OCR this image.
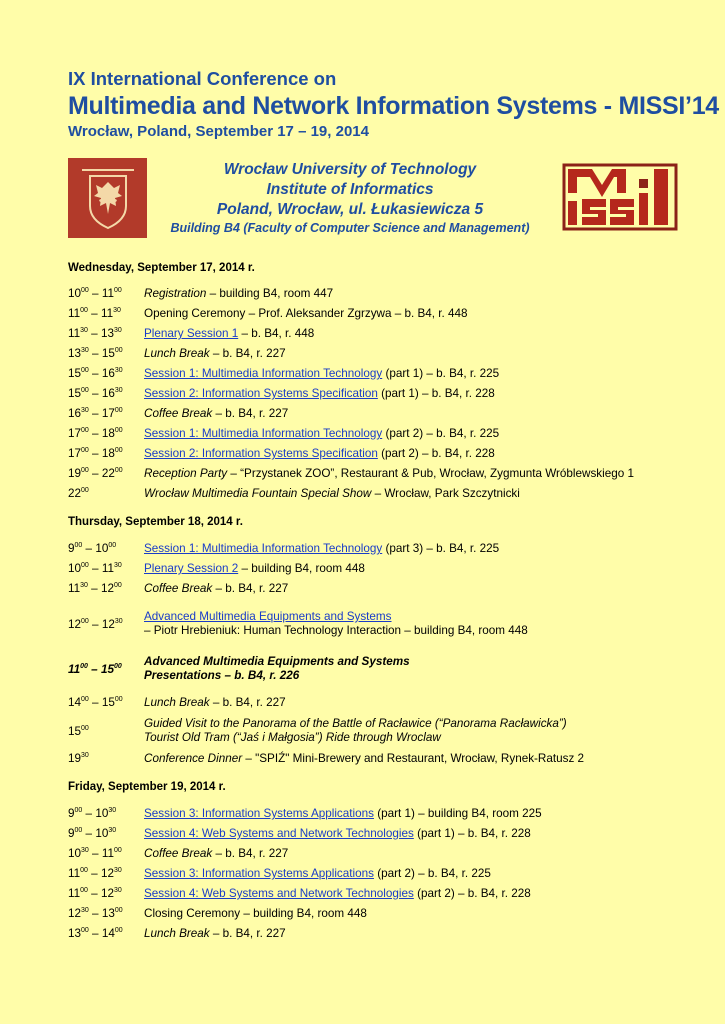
IX International Conference on
Multimedia and Network Information Systems - MISSI’14
Wrocław, Poland, September 17 – 19, 2014
Wrocław University of Technology
Institute of Informatics
Poland, Wrocław, ul. Łukasiewicza 5
Building B4 (Faculty of Computer Science and Management)
Wednesday, September 17, 2014 r.
$10^{00} - 11^{00}$ Registration – building B4, room 447
$11^{00} - 11^{30}$ Opening Ceremony – Prof. Aleksander Zgrzywa – b. B4, r. 448
$11^{30} - 13^{30}$ Plenary Session 1 – b. B4, r. 448
$13^{30} - 15^{00}$ Lunch Break – b. B4, r. 227
$15^{00} - 16^{30}$ Session 1: Multimedia Information Technology (part 1) – b. B4, r. 225
$15^{00} - 16^{30}$ Session 2: Information Systems Specification (part 1) – b. B4, r. 228
$16^{30} - 17^{00}$ Coffee Break – b. B4, r. 227
$17^{00} - 18^{00}$ Session 1: Multimedia Information Technology (part 2) – b. B4, r. 225
$17^{00} - 18^{00}$ Session 2: Information Systems Specification (part 2) – b. B4, r. 228
$19^{00} - 22^{00}$ Reception Party – “Przystanek ZOO”, Restaurant & Pub, Wrocław, Zygmunta Wróblewskiego 1
$22^{00}$	Wrocław Multimedia Fountain Special Show – Wrocław, Park Szczytnicki
Thursday, September 18, 2014 r.
$9^{00} - 10^{00}$ Session 1: Multimedia Information Technology (part 3) – b. B4, r. 225
$10^{00} - 11^{30}$ Plenary Session 2 – building B4, room 448
$11^{30} - 12^{00}$ Coffee Break – b. B4, r. 227
$12^{00} - 12^{30}$ Advanced Multimedia Equipments and Systems
– Piotr Hrebieniuk: Human Technology Interaction – building B4, room 448
$11^{00} - 15^{00}$ Advanced Multimedia Equipments and Systems
Presentations – b. B4, r. 226
$14^{00} - 15^{00}$ Lunch Break – b. B4, r. 227
$15^{00}$	Guided Visit to the Panorama of the Battle of Racławice (“Panorama Racławicka”)
Tourist Old Tram (“Jaś i Małgosia”) Ride through Wroclaw
$19^{30}$	Conference Dinner – "SPIŹ" Mini-Brewery and Restaurant, Wrocław, Rynek-Ratusz 2
Friday, September 19, 2014 r.
$9^{00} - 10^{30}$ Session 3: Information Systems Applications (part 1) – building B4, room 225
$9^{00} - 10^{30}$ Session 4: Web Systems and Network Technologies (part 1) – b. B4, r. 228
$10^{30} - 11^{00}$ Coffee Break – b. B4, r. 227
$11^{00} - 12^{30}$ Session 3: Information Systems Applications (part 2) – b. B4, r. 225
$11^{00} - 12^{30}$ Session 4: Web Systems and Network Technologies (part 2) – b. B4, r. 228
$12^{30} - 13^{00}$ Closing Ceremony – building B4, room 448
$13^{00} - 14^{00}$ Lunch Break – b. B4, r. 227
